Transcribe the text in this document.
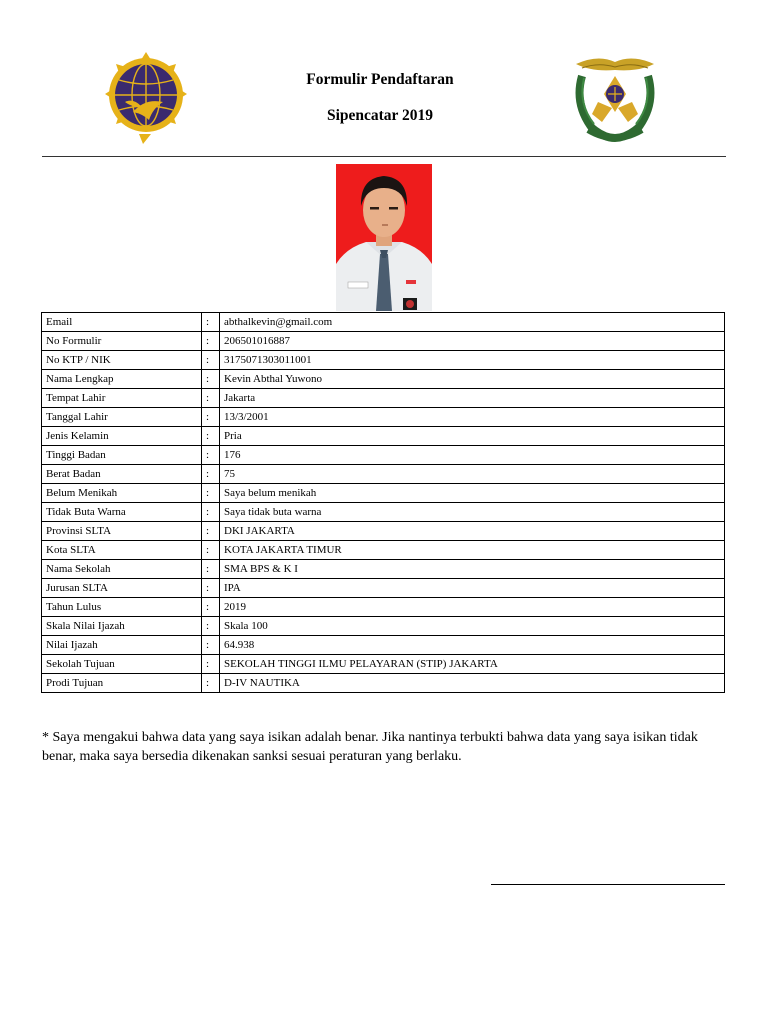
Formulir Pendaftaran
Sipencatar 2019
Email	:	abthalkevin@gmail.com
No Formulir	:	206501016887
No KTP / NIK	:	3175071303011001
Nama Lengkap	:	Kevin Abthal Yuwono
Tempat Lahir	:	Jakarta
Tanggal Lahir	:	13/3/2001
Jenis Kelamin	:	Pria
Tinggi Badan	:	176
Berat Badan	:	75
Belum Menikah	:	Saya belum menikah
Tidak Buta Warna	:	Saya tidak buta warna
Provinsi SLTA	:	DKI JAKARTA
Kota SLTA	:	KOTA JAKARTA TIMUR
Nama Sekolah	:	SMA BPS & K I
Jurusan SLTA	:	IPA
Tahun Lulus	:	2019
Skala Nilai Ijazah	:	Skala 100
Nilai Ijazah	:	64.938
Sekolah Tujuan	:	SEKOLAH TINGGI ILMU PELAYARAN (STIP) JAKARTA
Prodi Tujuan	:	D-IV NAUTIKA
* Saya mengakui bahwa data yang saya isikan adalah benar. Jika nantinya terbukti bahwa data yang saya isikan tidak benar, maka saya bersedia dikenakan sanksi sesuai peraturan yang berlaku.
